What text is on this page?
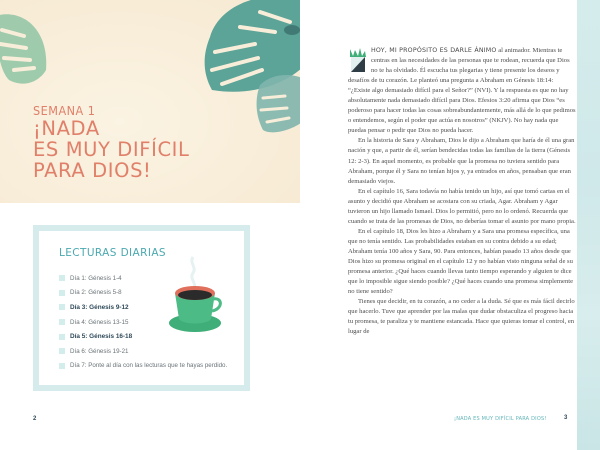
SEMANA 1
¡NADA
ES MUY DIFÍCIL
PARA DIOS!
LECTURAS DIARIAS
Día 1: Génesis 1-4
Día 2: Génesis 5-8
Día 3: Génesis 9-12
Día 4: Génesis 13-15
Día 5: Génesis 16-18
Día 6: Génesis 19-21
Día 7: Ponte al día con las lecturas que te hayas perdido.
2

HOY, MI PROPÓSITO ES DARLE ÁNIMO al animador. Mientras te centras en las necesidades de las personas que te rodean, recuerda que Dios no te ha olvidado. Él escucha tus plegarias y tiene presente los deseos y desafíos de tu corazón. Le planteó una pregunta a Abraham en Génesis 18:14: “¿Existe algo demasiado difícil para el Señor?” (NVI). Y la respuesta es que no hay absolutamente nada demasiado difícil para Dios. Efesios 3:20 afirma que Dios “es poderoso para hacer todas las cosas sobreabundantemente, más allá de lo que pedimos o entendemos, según el poder que actúa en nosotros” (NKJV). No hay nada que puedas pensar o pedir que Dios no pueda hacer.

En la historia de Sara y Abraham, Dios le dijo a Abraham que haría de él una gran nación y que, a partir de él, serían bendecidas todas las familias de la tierra (Génesis 12: 2-3). En aquel momento, es probable que la promesa no tuviera sentido para Abraham, porque él y Sara no tenían hijos y, ya entrados en años, pensaban que eran demasiado viejos.

En el capítulo 16, Sara todavía no había tenido un hijo, así que tomó cartas en el asunto y decidió que Abraham se acostara con su criada, Agar. Abraham y Agar tuvieron un hijo llamado Ismael. Dios lo permitió, pero no lo ordenó. Recuerda que cuando se trata de las promesas de Dios, no deberías tomar el asunto por mano propia.

En el capítulo 18, Dios les hizo a Abraham y a Sara una promesa específica, una que no tenía sentido. Las probabilidades estaban en su contra debido a su edad; Abraham tenía 100 años y Sara, 90. Para entonces, habían pasado 13 años desde que Dios hizo su promesa original en el capítulo 12 y no habían visto ninguna señal de su promesa anterior. ¿Qué haces cuando llevas tanto tiempo esperando y alguien te dice que lo imposible sigue siendo posible? ¿Qué haces cuando una promesa simplemente no tiene sentido?

Tienes que decidir, en tu corazón, a no ceder a la duda. Sé que es más fácil decirlo que hacerlo. Tuve que aprender por las malas que dudar obstaculiza el progreso hacia tu promesa, te paraliza y te mantiene estancada. Hace que quieras tomar el control, en lugar de

¡NADA ES MUY DIFÍCIL PARA DIOS!	3
